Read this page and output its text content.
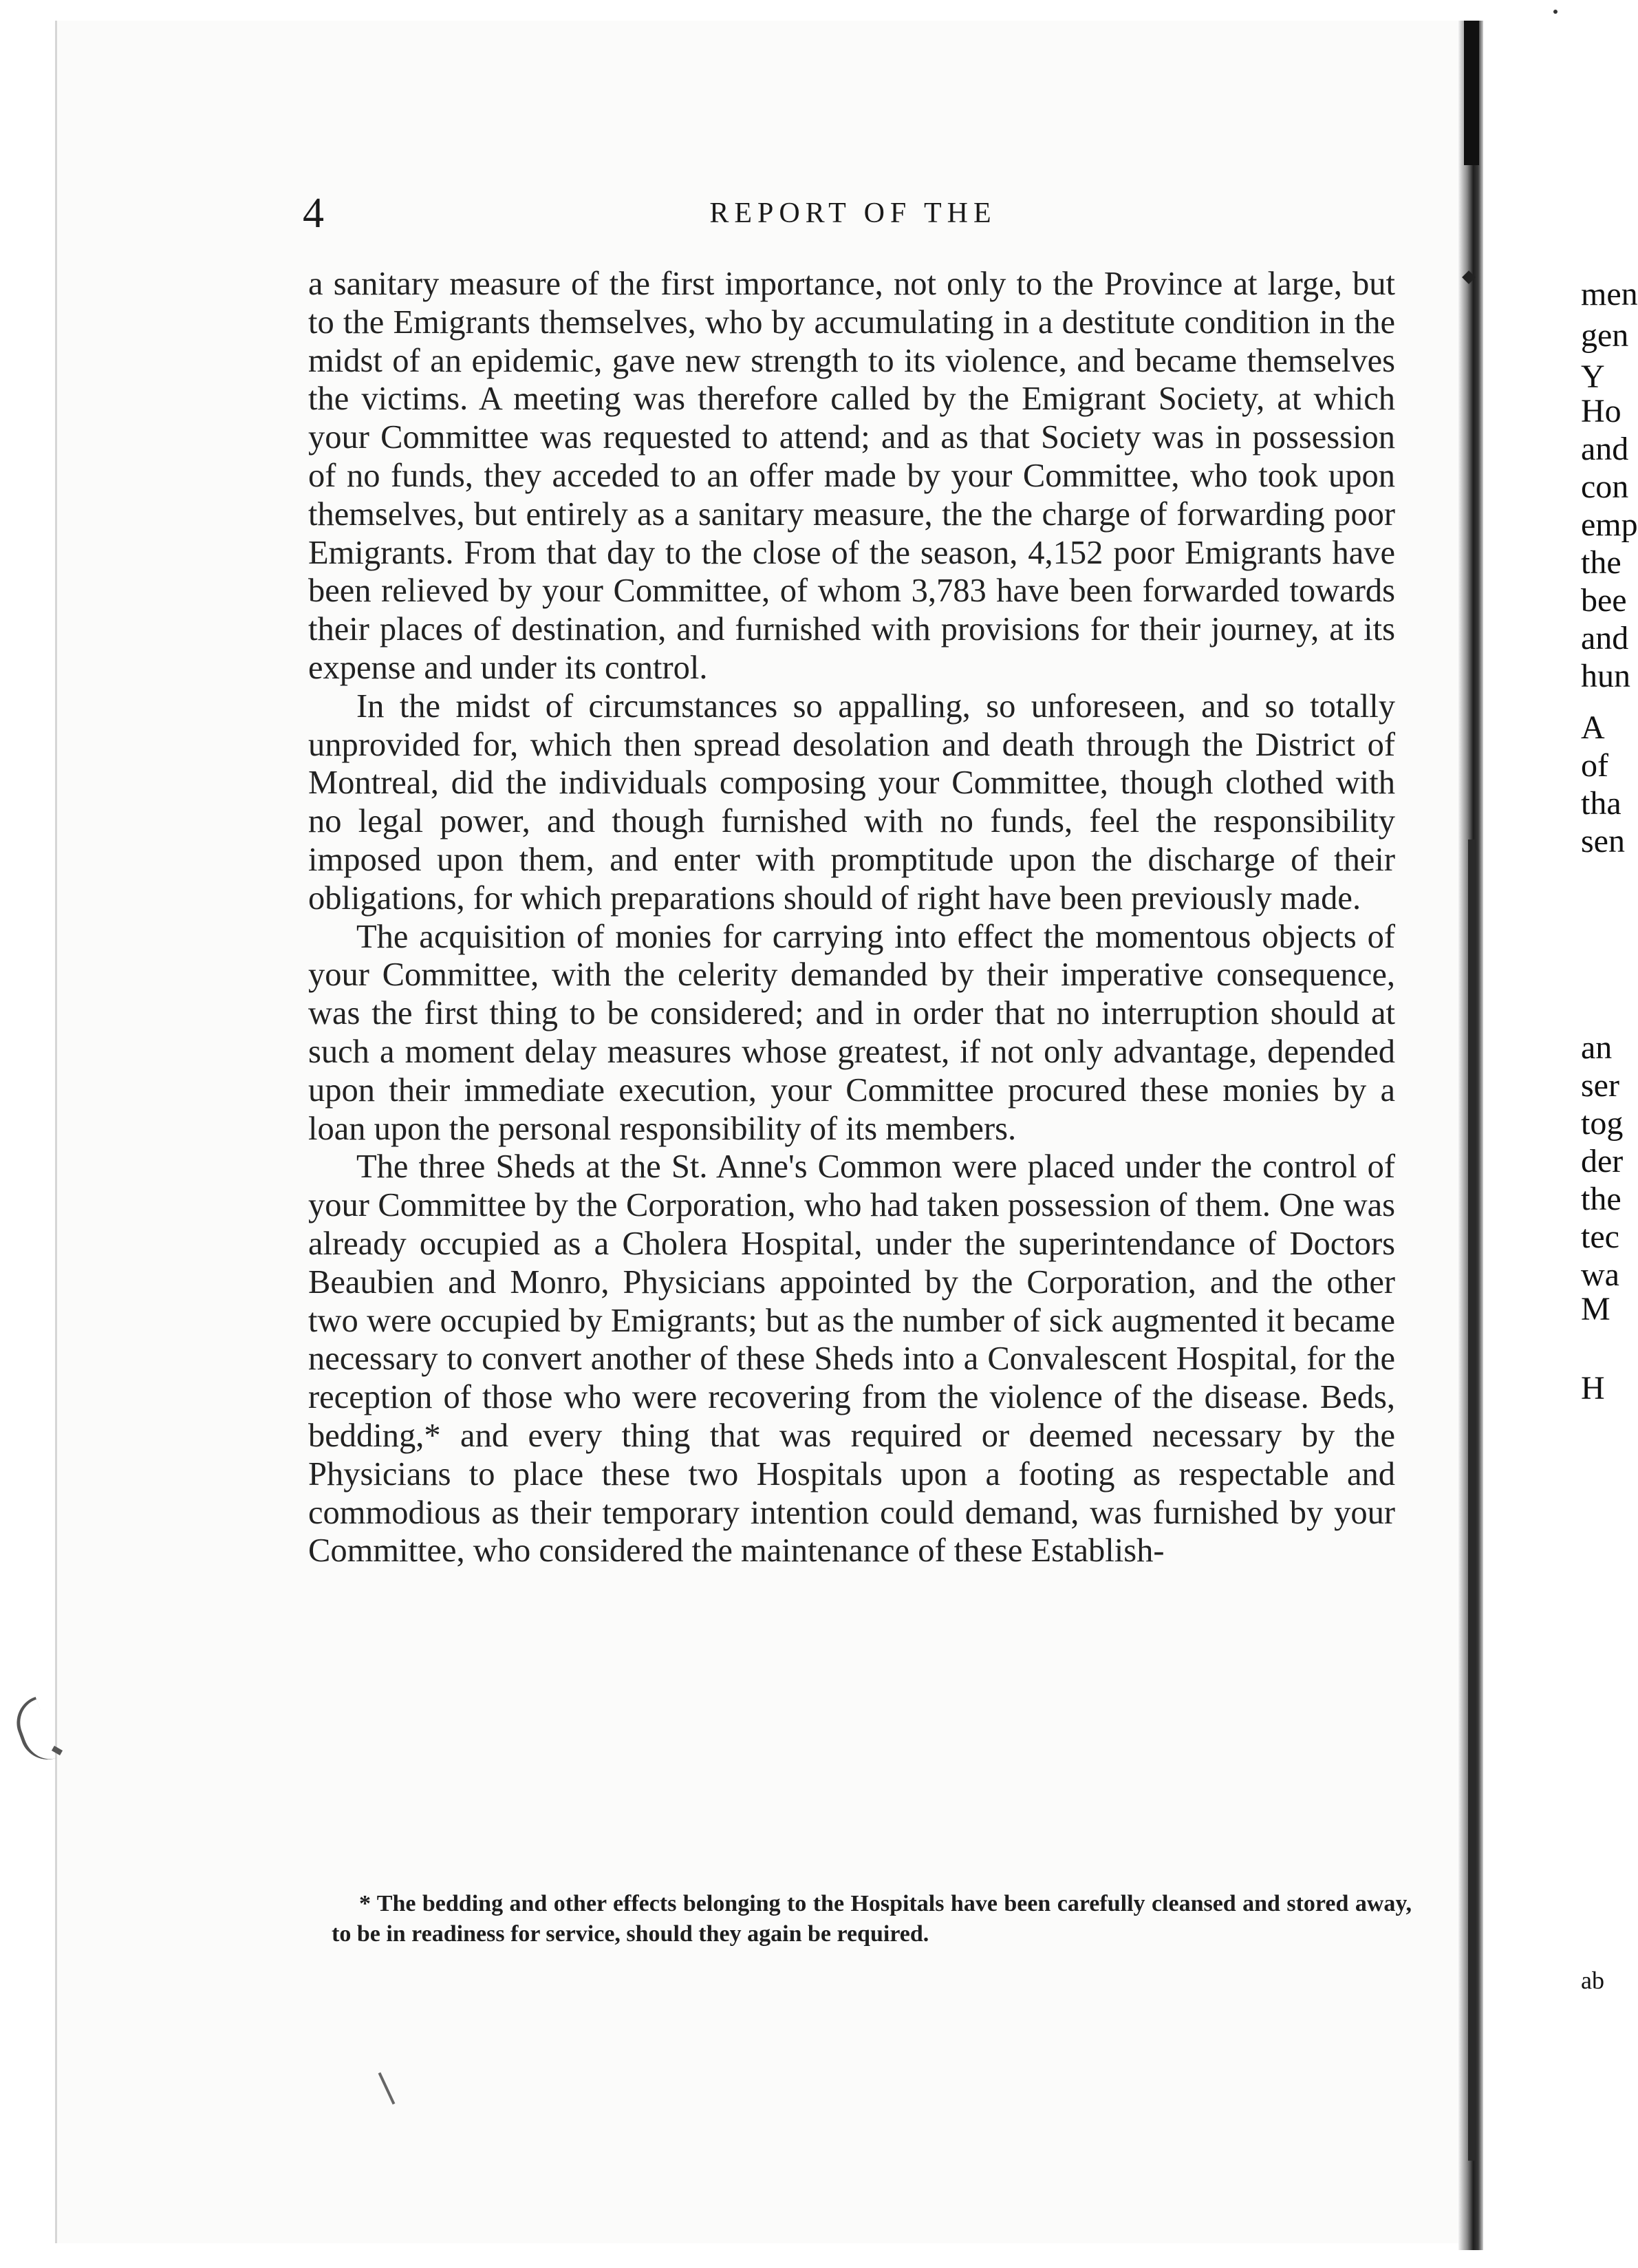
4	REPORT OF THE

a sanitary measure of the first importance, not only to the Province at large, but to the Emigrants themselves, who by accumulating in a destitute condition in the midst of an epidemic, gave new strength to its violence, and became themselves the victims. A meeting was therefore called by the Emigrant Society, at which your Committee was requested to attend; and as that Society was in possession of no funds, they acceded to an offer made by your Committee, who took upon themselves, but entirely as a sanitary measure, the the charge of forwarding poor Emigrants. From that day to the close of the season, 4,152 poor Emigrants have been relieved by your Committee, of whom 3,783 have been forwarded towards their places of destination, and furnished with provisions for their journey, at its expense and under its control.

In the midst of circumstances so appalling, so unforeseen, and so totally unprovided for, which then spread desolation and death through the District of Montreal, did the individuals composing your Committee, though clothed with no legal power, and though furnished with no funds, feel the responsibility imposed upon them, and enter with promptitude upon the discharge of their obligations, for which preparations should of right have been previously made.

The acquisition of monies for carrying into effect the momentous objects of your Committee, with the celerity demanded by their imperative consequence, was the first thing to be considered; and in order that no interruption should at such a moment delay measures whose greatest, if not only advantage, depended upon their immediate execution, your Committee procured these monies by a loan upon the personal responsibility of its members.

The three Sheds at the St. Anne's Common were placed under the control of your Committee by the Corporation, who had taken possession of them. One was already occupied as a Cholera Hospital, under the superintendance of Doctors Beaubien and Monro, Physicians appointed by the Corporation, and the other two were occupied by Emigrants; but as the number of sick augmented it became necessary to convert another of these Sheds into a Convalescent Hospital, for the reception of those who were recovering from the violence of the disease. Beds, bedding,* and every thing that was required or deemed necessary by the Physicians to place these two Hospitals upon a footing as respectable and commodious as their temporary intention could demand, was furnished by your Committee, who considered the maintenance of these Establish-

* The bedding and other effects belonging to the Hospitals have been carefully cleansed and stored away, to be in readiness for service, should they again be required.
men
gen
Y
Ho
and
con
emp
the
bee
and
hun
A
of
tha
sen
an
ser
tog
der
the
tec
wa
M
H
ab
